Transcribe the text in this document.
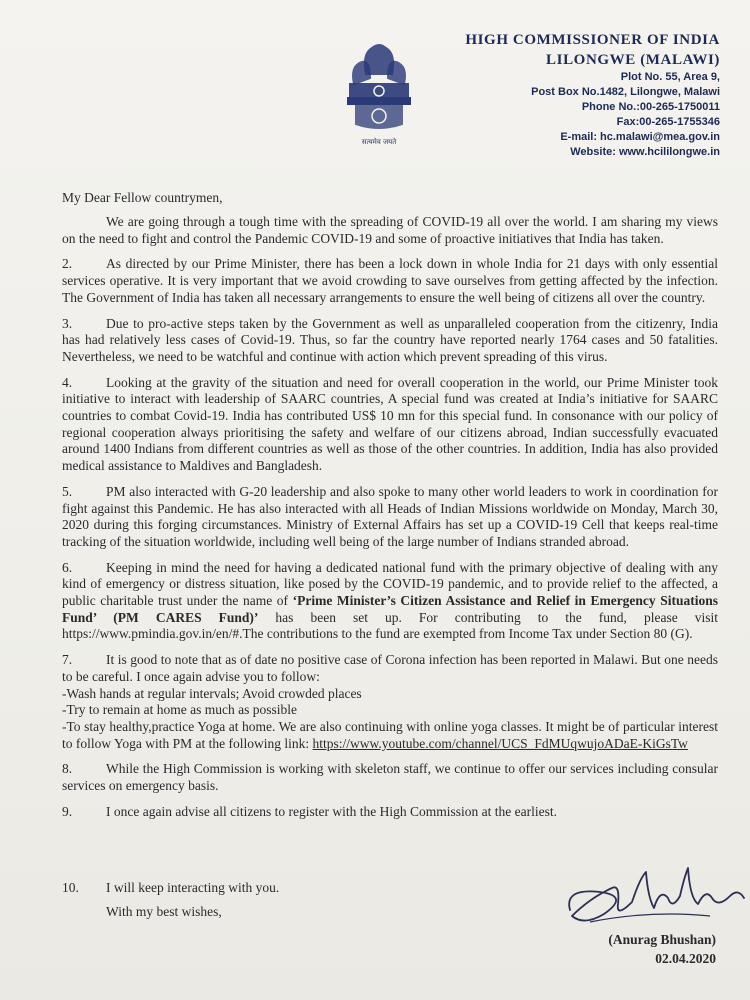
सत्यमेव जयते
HIGH COMMISSIONER OF INDIA
LILONGWE (MALAWI)
Plot No. 55, Area 9,
Post Box No.1482, Lilongwe, Malawi
Phone No.:00-265-1750011
Fax:00-265-1755346
E-mail: hc.malawi@mea.gov.in
Website: www.hcililongwe.in
My Dear Fellow countrymen,

We are going through a tough time with the spreading of COVID-19 all over the world. I am sharing my views on the need to fight and control the Pandemic COVID-19 and some of proactive initiatives that India has taken.

2.	As directed by our Prime Minister, there has been a lock down in whole India for 21 days with only essential services operative. It is very important that we avoid crowding to save ourselves from getting affected by the infection. The Government of India has taken all necessary arrangements to ensure the well being of citizens all over the country.

3.	Due to pro-active steps taken by the Government as well as unparalleled cooperation from the citizenry, India has had relatively less cases of Covid-19. Thus, so far the country have reported nearly 1764 cases and 50 fatalities. Nevertheless, we need to be watchful and continue with action which prevent spreading of this virus.

4.	Looking at the gravity of the situation and need for overall cooperation in the world, our Prime Minister took initiative to interact with leadership of SAARC countries, A special fund was created at India’s initiative for SAARC countries to combat Covid-19. India has contributed US$ 10 mn for this special fund. In consonance with our policy of regional cooperation always prioritising the safety and welfare of our citizens abroad, Indian successfully evacuated around 1400 Indians from different countries as well as those of the other countries. In addition, India has also provided medical assistance to Maldives and Bangladesh.

5.	PM also interacted with G-20 leadership and also spoke to many other world leaders to work in coordination for fight against this Pandemic. He has also interacted with all Heads of Indian Missions worldwide on Monday, March 30, 2020 during this forging circumstances. Ministry of External Affairs has set up a COVID-19 Cell that keeps real-time tracking of the situation worldwide, including well being of the large number of Indians stranded abroad.

6.	Keeping in mind the need for having a dedicated national fund with the primary objective of dealing with any kind of emergency or distress situation, like posed by the COVID-19 pandemic, and to provide relief to the affected, a public charitable trust under the name of ‘Prime Minister’s Citizen Assistance and Relief in Emergency Situations Fund’ (PM CARES Fund)’ has been set up. For contributing to the fund, please visit https://www.pmindia.gov.in/en/#.The contributions to the fund are exempted from Income Tax under Section 80 (G).

7.	It is good to note that as of date no positive case of Corona infection has been reported in Malawi. But one needs to be careful. I once again advise you to follow:

-Wash hands at regular intervals; Avoid crowded places
-Try to remain at home as much as possible

-To stay healthy,practice Yoga at home. We are also continuing with online yoga classes. It might be of particular interest to follow Yoga with PM at the following link: https://www.youtube.com/channel/UCS_FdMUqwujoADaE-KiGsTw

8.	While the High Commission is working with skeleton staff, we continue to offer our services including consular services on emergency basis.

9.	I once again advise all citizens to register with the High Commission at the earliest.

10. I will keep interacting with you.
With my best wishes,
(Anurag Bhushan)
02.04.2020
